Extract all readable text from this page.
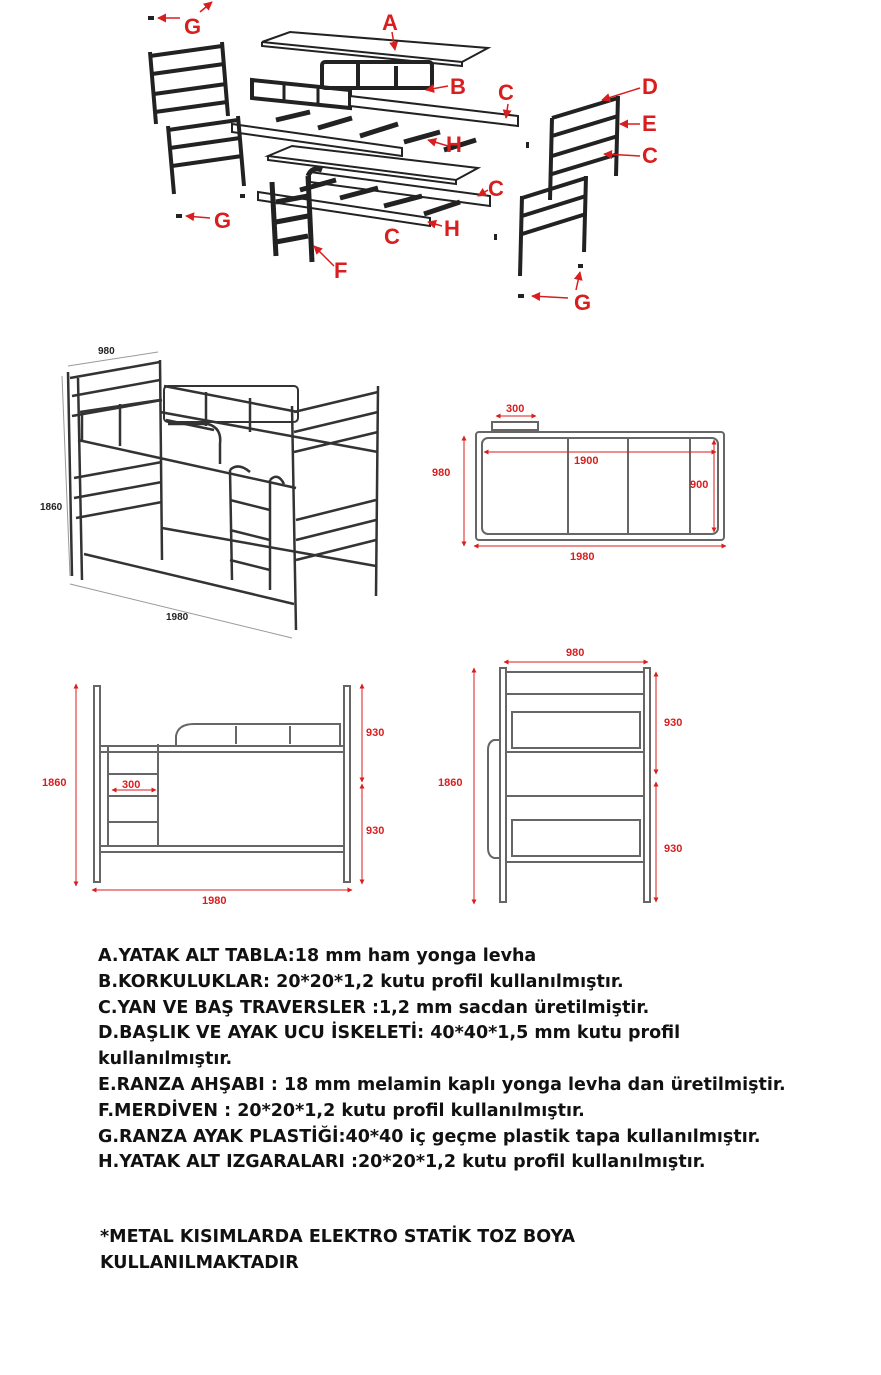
A
B C	D
E
C
C
H
H
C
F
G
G
G
980
1860
1980
300
980
1900
900
1980
1860
930
930
300
1980
980
1860
930
930
A.YATAK ALT TABLA:18 mm ham yonga levha
B.KORKULUKLAR: 20*20*1,2 kutu profil kullanılmıştır.
C.YAN VE BAŞ TRAVERSLER :1,2 mm sacdan üretilmiştir.
D.BAŞLIK VE AYAK UCU İSKELETİ: 40*40*1,5 mm kutu profil kullanılmıştır.
E.RANZA AHŞABI : 18 mm melamin kaplı yonga levha dan üretilmiştir.
F.MERDİVEN : 20*20*1,2 kutu profil kullanılmıştır.
G.RANZA AYAK PLASTİĞİ:40*40 iç geçme plastik tapa kullanılmıştır.
H.YATAK ALT IZGARALARI :20*20*1,2 kutu profil kullanılmıştır.
*METAL KISIMLARDA ELEKTRO STATİK TOZ BOYA KULLANILMAKTADIR
